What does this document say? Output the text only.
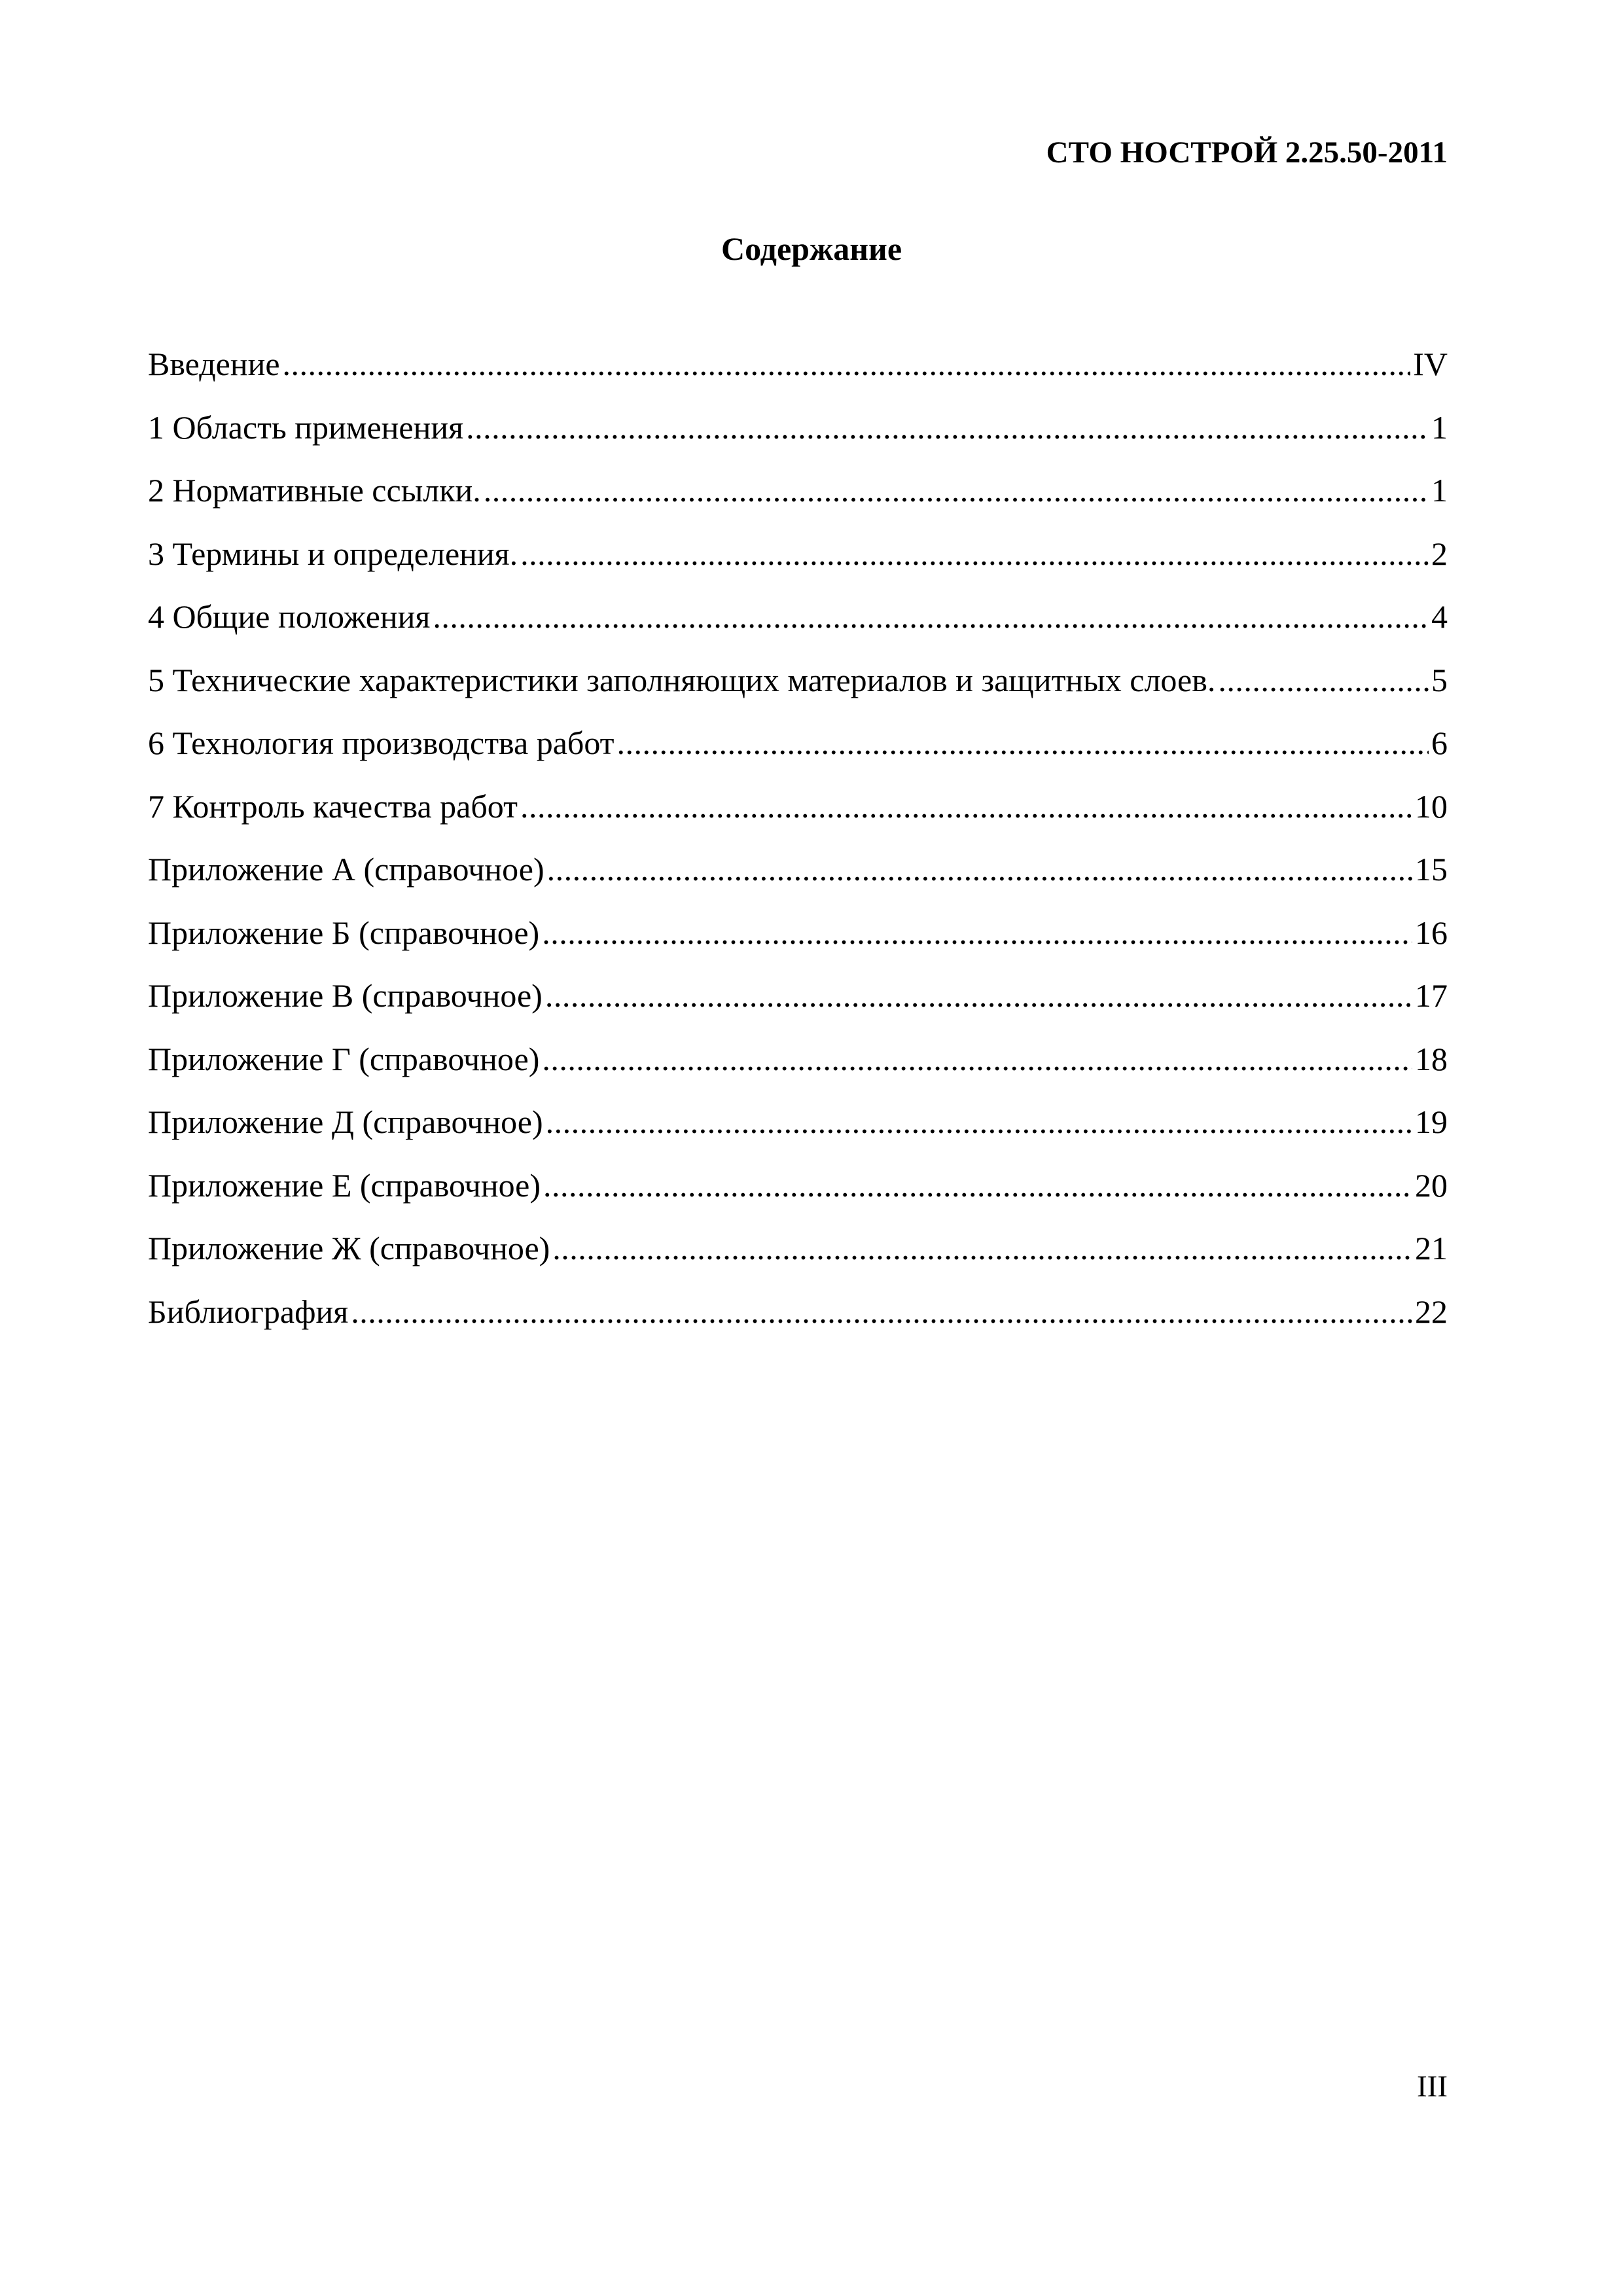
СТО НОСТРОЙ 2.25.50-2011
Содержание
Введение . . .	IV
1 Область применения . . .	1
2 Нормативные ссылки. . . .	1
3 Термины и определения. . . .	2
4 Общие положения . . .	4
5 Технические характеристики заполняющих материалов и защитных слоев. . . .	5
6 Технология производства работ . . .	6
7 Контроль качества работ . . .	10
Приложение А (справочное) . . .	15
Приложение Б (справочное) . . .	16
Приложение В (справочное) . . .	17
Приложение Г (справочное) . . .	18
Приложение Д (справочное) . . .	19
Приложение Е (справочное) . . .	20
Приложение Ж (справочное) . . .	21
Библиография . . .	22
III
